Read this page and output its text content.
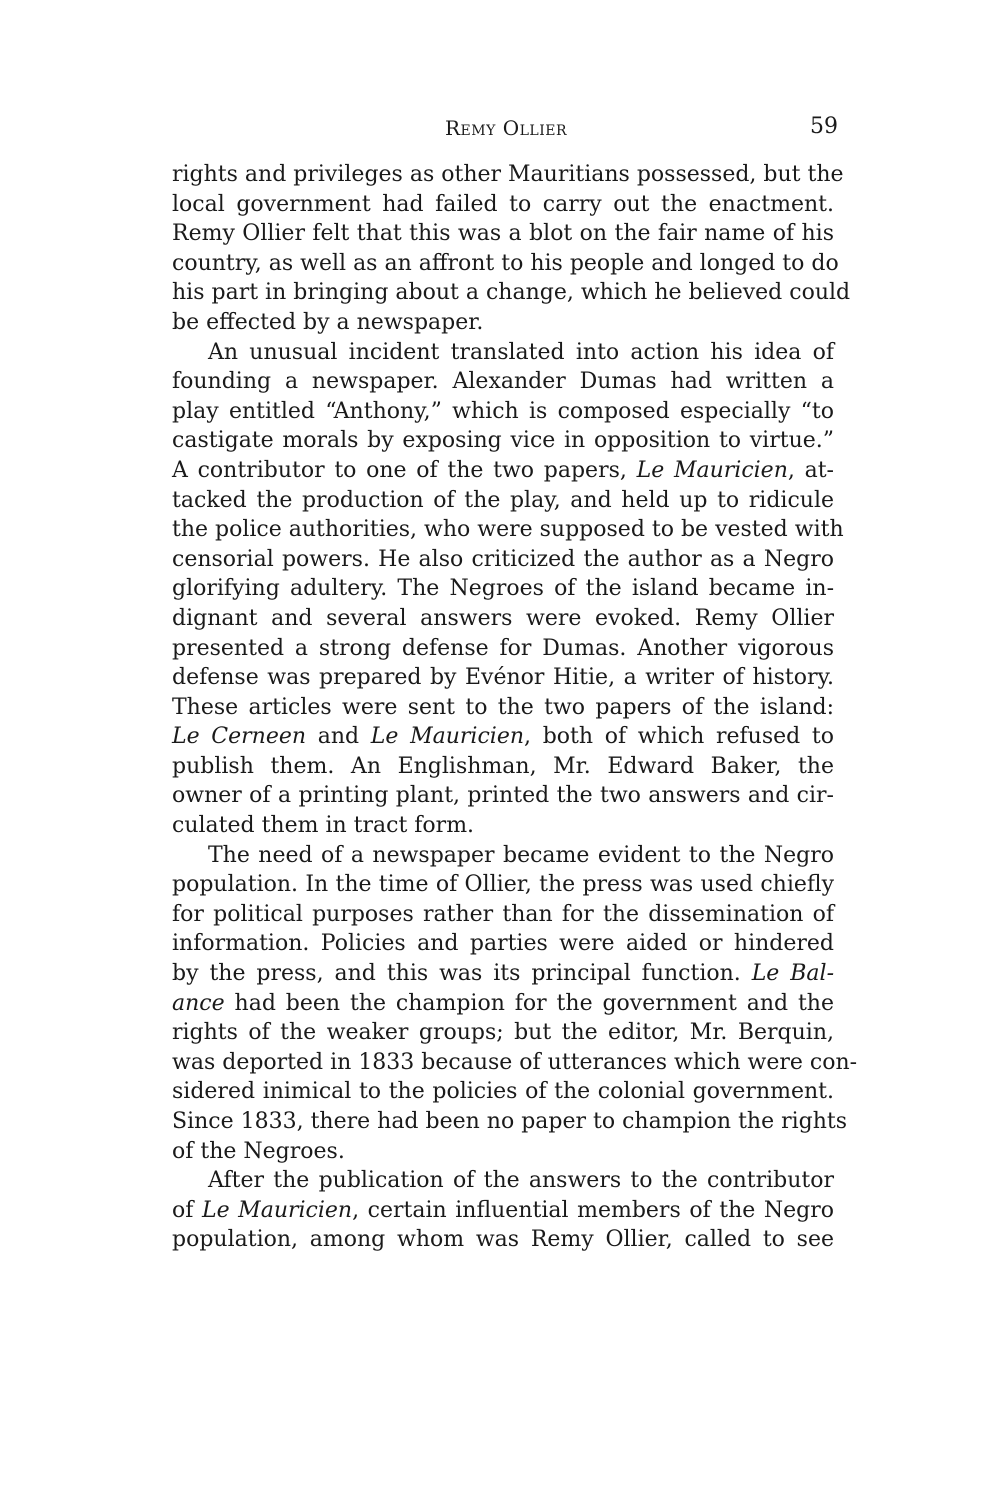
Remy Ollier	59
rights and privileges as other Mauritians possessed, but the
local government had failed to carry out the enactment.
Remy Ollier felt that this was a blot on the fair name of his
country, as well as an affront to his people and longed to do
his part in bringing about a change, which he believed could
be effected by a newspaper.
An unusual incident translated into action his idea of
founding a newspaper. Alexander Dumas had written a
play entitled “Anthony,” which is composed especially “to
castigate morals by exposing vice in opposition to virtue.”
A contributor to one of the two papers, Le Mauricien, at-
tacked the production of the play, and held up to ridicule
the police authorities, who were supposed to be vested with
censorial powers. He also criticized the author as a Negro
glorifying adultery. The Negroes of the island became in-
dignant and several answers were evoked. Remy Ollier
presented a strong defense for Dumas. Another vigorous
defense was prepared by Evénor Hitie, a writer of history.
These articles were sent to the two papers of the island:
Le Cerneen and Le Mauricien, both of which refused to
publish them. An Englishman, Mr. Edward Baker, the
owner of a printing plant, printed the two answers and cir-
culated them in tract form.
The need of a newspaper became evident to the Negro
population. In the time of Ollier, the press was used chiefly
for political purposes rather than for the dissemination of
information. Policies and parties were aided or hindered
by the press, and this was its principal function. Le Bal-
ance had been the champion for the government and the
rights of the weaker groups; but the editor, Mr. Berquin,
was deported in 1833 because of utterances which were con-
sidered inimical to the policies of the colonial government.
Since 1833, there had been no paper to champion the rights
of the Negroes.
After the publication of the answers to the contributor
of Le Mauricien, certain influential members of the Negro
population, among whom was Remy Ollier, called to see
